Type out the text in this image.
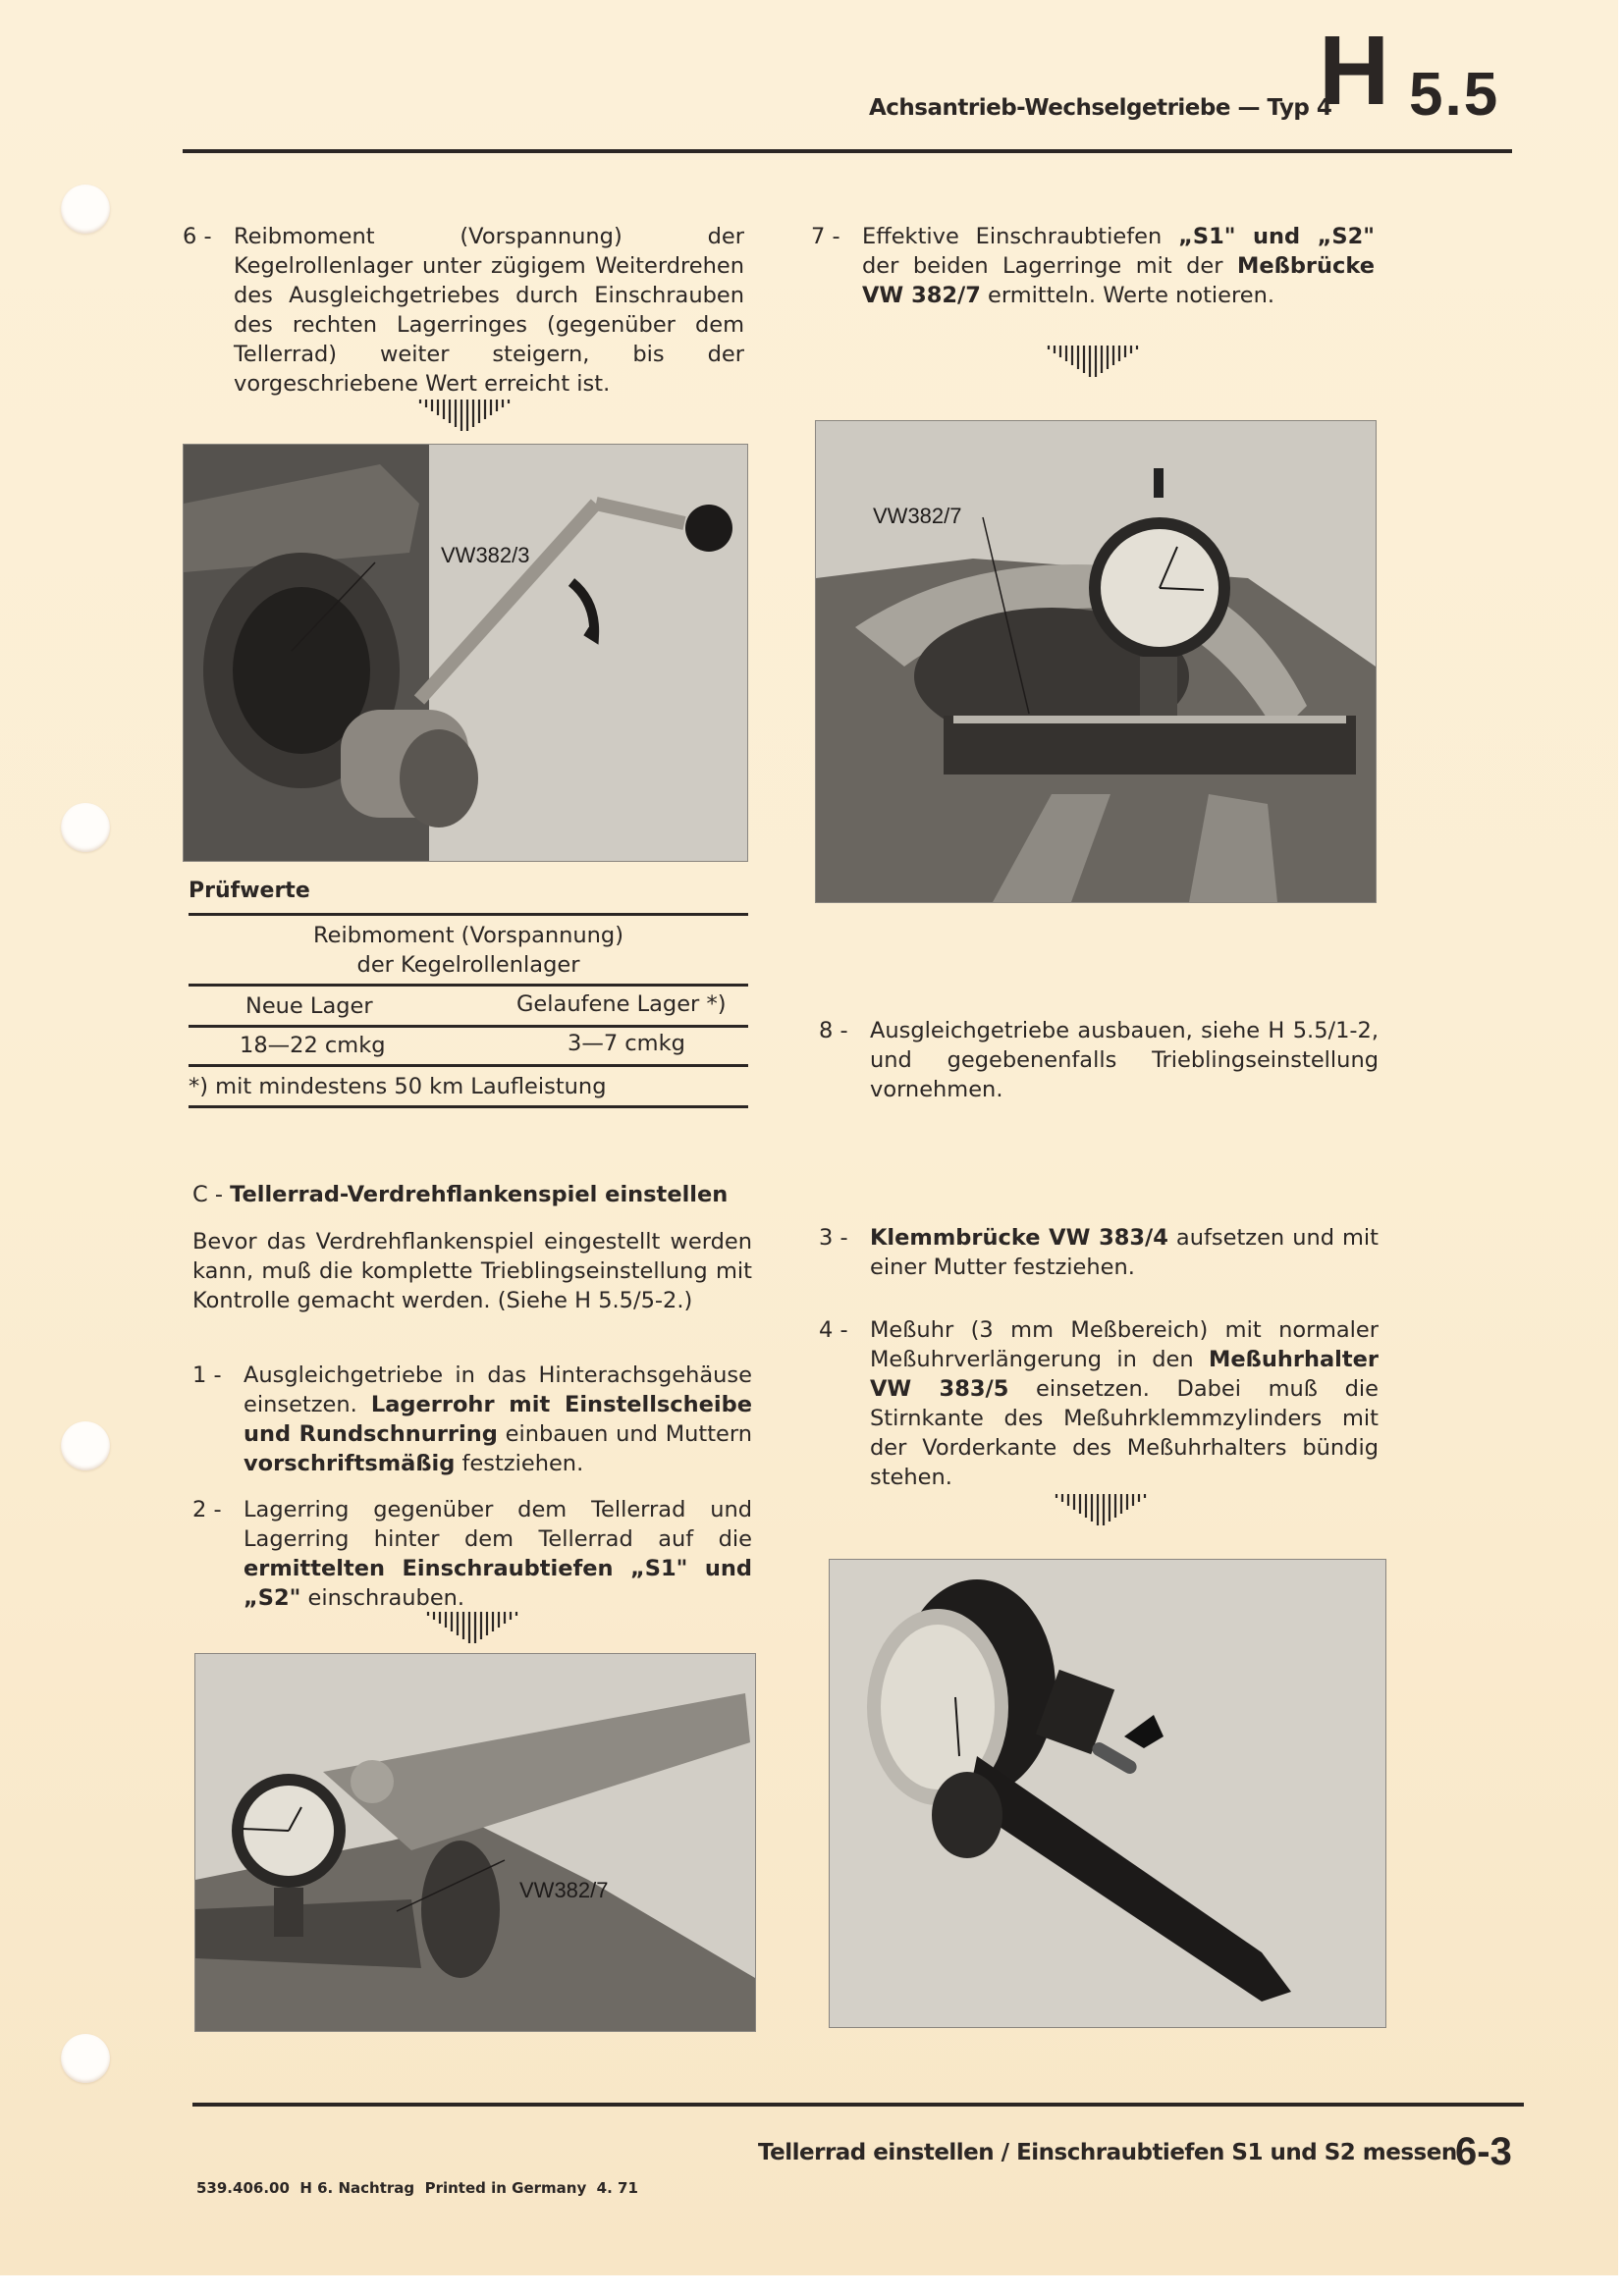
Achsantrieb-Wechselgetriebe — Typ 4
H 5.5
6 - Reibmoment (Vorspannung) der Kegelrollenlager unter zügigem Weiterdrehen des Ausgleichgetriebes durch Einschrauben des rechten Lagerringes (gegenüber dem Tellerrad) weiter steigern, bis der vorgeschriebene Wert erreicht ist.
7 - Effektive Einschraubtiefen „S1" und „S2" der beiden Lagerringe mit der Meßbrücke VW 382/7 ermitteln. Werte notieren.
VW382/3
VW382/7
Prüfwerte
Reibmoment (Vorspannung)
der Kegelrollenlager
Neue Lager	Gelaufene Lager *)
18—22 cmkg	3—7 cmkg
*) mit mindestens 50 km Laufleistung
8 - Ausgleichgetriebe ausbauen, siehe H 5.5/1-2, und gegebenenfalls Trieblingseinstellung vornehmen.
C - Tellerrad-Verdrehflankenspiel einstellen
Bevor das Verdrehflankenspiel eingestellt werden kann, muß die komplette Trieblingseinstellung mit Kontrolle gemacht werden. (Siehe H 5.5/5-2.)
1 - Ausgleichgetriebe in das Hinterachsgehäuse einsetzen. Lagerrohr mit Einstellscheibe und Rundschnurring einbauen und Muttern vorschriftsmäßig festziehen.
2 - Lagerring gegenüber dem Tellerrad und Lagerring hinter dem Tellerrad auf die ermittelten Einschraubtiefen „S1" und „S2" einschrauben.
VW382/7
3 - Klemmbrücke VW 383/4 aufsetzen und mit einer Mutter festziehen.
4 - Meßuhr (3 mm Meßbereich) mit normaler Meßuhrverlängerung in den Meßuhrhalter VW 383/5 einsetzen. Dabei muß die Stirnkante des Meßuhrklemmzylinders mit der Vorderkante des Meßuhrhalters bündig stehen.
Tellerrad einstellen / Einschraubtiefen S1 und S2 messen
6-3
539.406.00  H 6. Nachtrag  Printed in Germany  4. 71
